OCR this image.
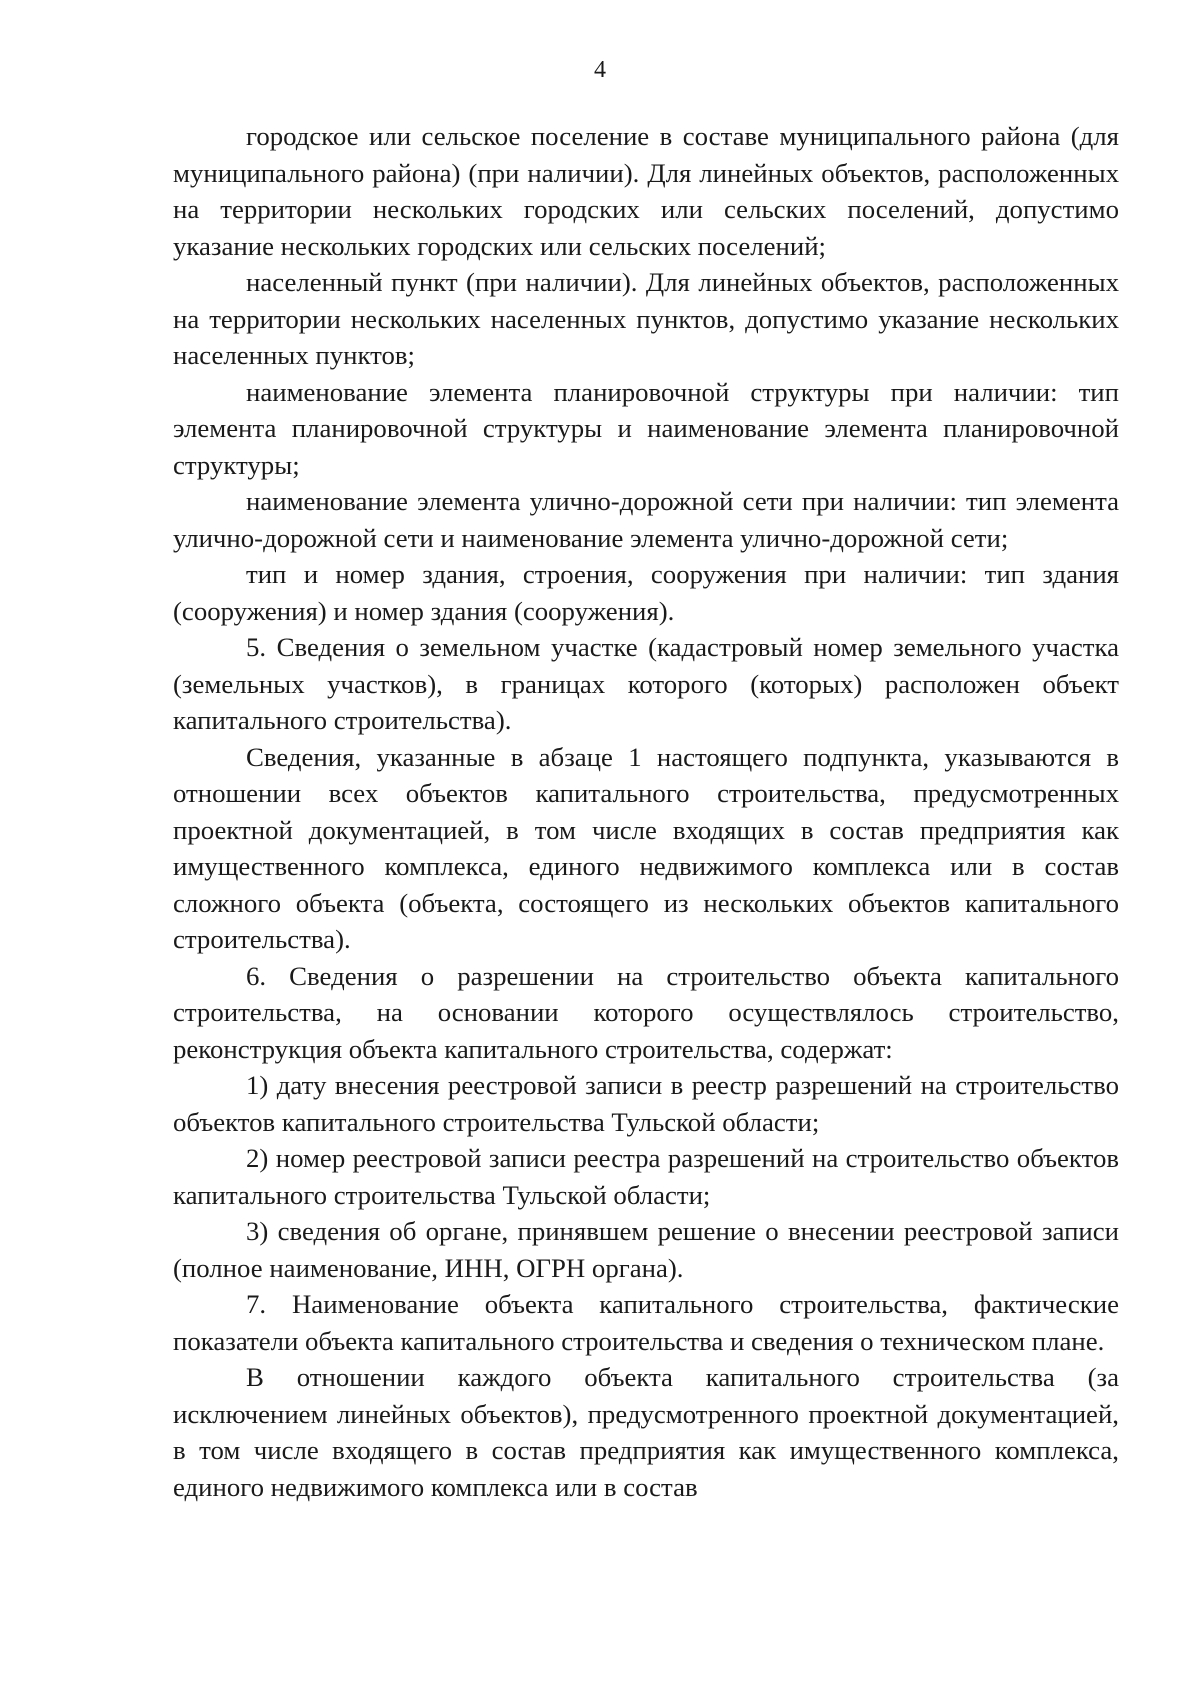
4

городское или сельское поселение в составе муниципального района (для муниципального района) (при наличии). Для линейных объектов, расположенных на территории нескольких городских или сельских поселений, допустимо указание нескольких городских или сельских поселений;

населенный пункт (при наличии). Для линейных объектов, расположенных на территории нескольких населенных пунктов, допустимо указание нескольких населенных пунктов;

наименование элемента планировочной структуры при наличии: тип элемента планировочной структуры и наименование элемента планировочной структуры;

наименование элемента улично-дорожной сети при наличии: тип элемента улично-дорожной сети и наименование элемента улично-дорожной сети;

тип и номер здания, строения, сооружения при наличии: тип здания (сооружения) и номер здания (сооружения).

5. Сведения о земельном участке (кадастровый номер земельного участка (земельных участков), в границах которого (которых) расположен объект капитального строительства).

Сведения, указанные в абзаце 1 настоящего подпункта, указываются в отношении всех объектов капитального строительства, предусмотренных проектной документацией, в том числе входящих в состав предприятия как имущественного комплекса, единого недвижимого комплекса или в состав сложного объекта (объекта, состоящего из нескольких объектов капитального строительства).

6. Сведения о разрешении на строительство объекта капитального строительства, на основании которого осуществлялось строительство, реконструкция объекта капитального строительства, содержат:

1) дату внесения реестровой записи в реестр разрешений на строительство объектов капитального строительства Тульской области;

2) номер реестровой записи реестра разрешений на строительство объектов капитального строительства Тульской области;

3) сведения об органе, принявшем решение о внесении реестровой записи (полное наименование, ИНН, ОГРН органа).

7. Наименование объекта капитального строительства, фактические показатели объекта капитального строительства и сведения о техническом плане.

В отношении каждого объекта капитального строительства (за исключением линейных объектов), предусмотренного проектной документацией, в том числе входящего в состав предприятия как имущественного комплекса, единого недвижимого комплекса или в состав
